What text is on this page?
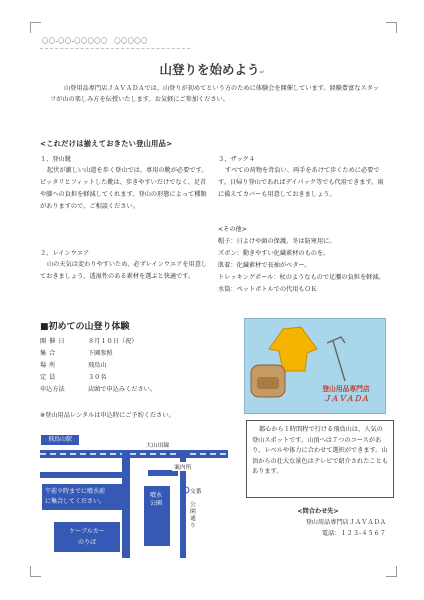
〇〇-〇〇-〇〇〇〇〇　〇〇〇〇〇
山登りを始めよう↵
山登用品専門店ＪＡＶＡＤＡでは、山登りが初めてという方のために体験会を開催しています。経験豊富なスタッフが山の楽しみ方を伝授いたします。お気軽にご参加ください。
<これだけは揃えておきたい登山用品>
１、登山靴
起伏が激しい山道を歩く登山では、専用の靴が必要です。ピッタリとフィットした靴は、歩きやすいだけでなく、足首や膝への負担を軽減してくれます。登山の形態によって種類がありますので、ご相談ください。
２、レインウエア
山の天気は変わりやすいため、必ずレインウエアを用意しておきましょう。透湿性のある素材を選ぶと快適です。
３、ザック４
すべての荷物を背負い、両手をあけて歩くために必要です。日帰り登山であればデイパック等でも代用できます。雨に備えてカバーも用意しておきましょう。
<その他>
帽子：日よけや頭の保護。冬は防寒用に。
ズボン：動きやすい化繊素材のものを。
肌着：化繊素材で長袖がベター。
トレッキングポール：杖のようなもので足腰の負担を軽減。
水筒：ペットボトルでの代用もＯＫ
■初めての山登り体験
開催日	８月１０日（祝）
集合	下園参照
場所	飛鳥山
定員	３０名
申込方法	店頭で申込みください。
※登山用品レンタルは申込時にご予約ください。
飛鳥山駅
大山田線
案内所
午前９時までに噴水前
に集合してください。
交番
噴水公園	公園通り
ケーブルカー
のりば
登山用品専門店
ＪＡＶＡＤＡ
都心から１時間程で行ける飛鳥山は、人気の登山スポットです。山頂へは７つのコースがあり、レベルや体力に合わせて選択ができます。山頂からの壮大な景色はテレビで紹介されたこともあります。
<問合わせ先>
登山用品専門店ＪＡＶＡＤＡ
電話：１２３-４５６７
